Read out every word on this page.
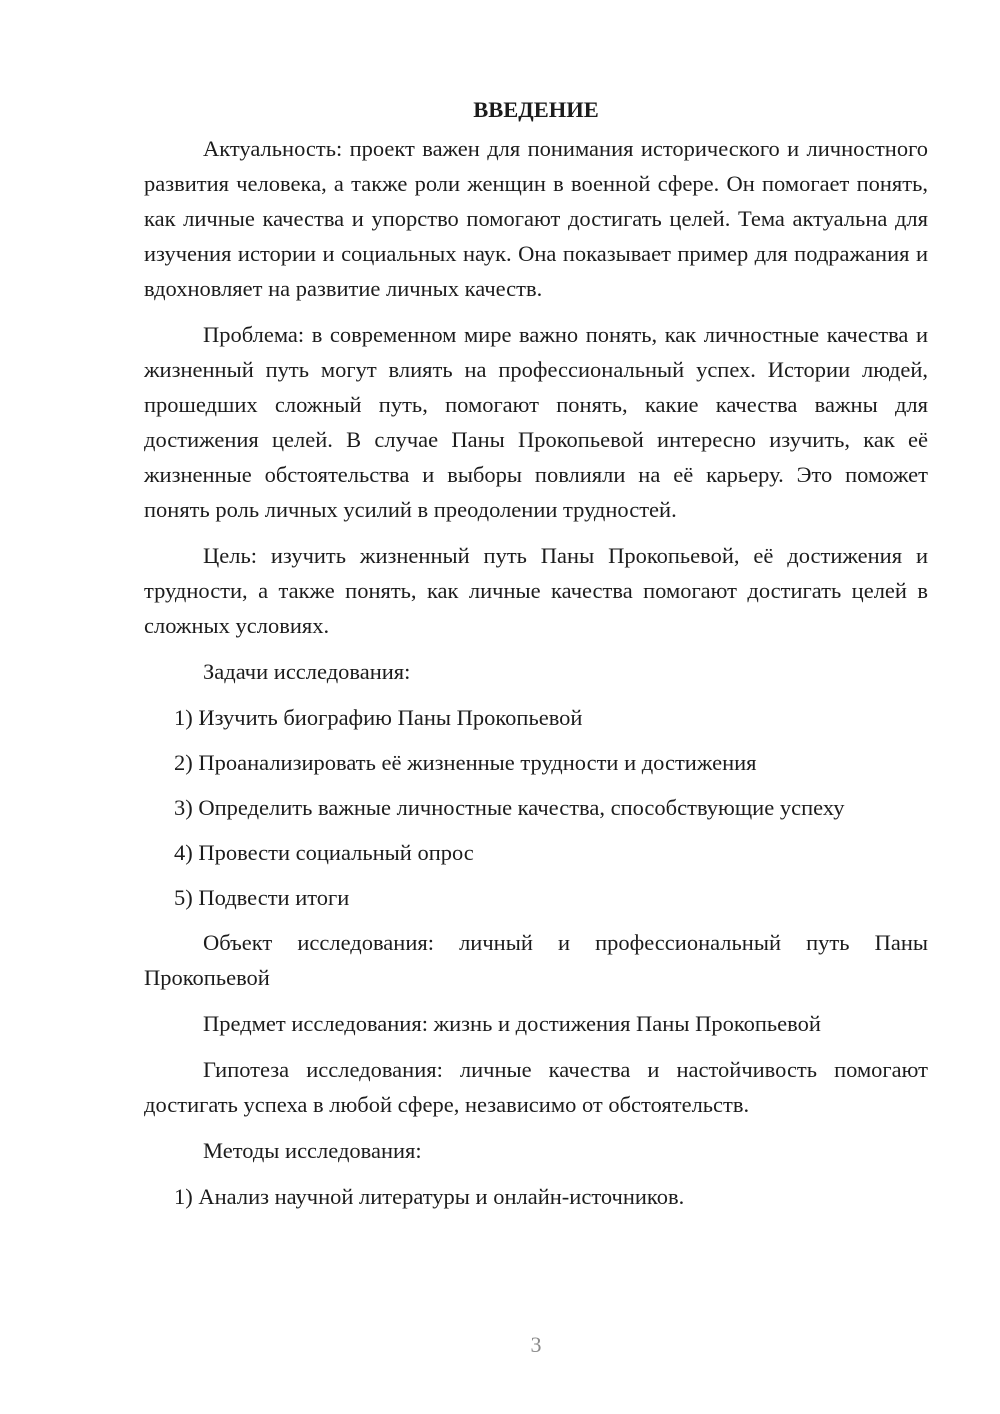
ВВЕДЕНИЕ

Актуальность: проект важен для понимания исторического и личностного развития человека, а также роли женщин в военной сфере. Он помогает понять, как личные качества и упорство помогают достигать целей. Тема актуальна для изучения истории и социальных наук. Она показывает пример для подражания и вдохновляет на развитие личных качеств.

Проблема: в современном мире важно понять, как личностные качества и жизненный путь могут влиять на профессиональный успех. Истории людей, прошедших сложный путь, помогают понять, какие качества важны для достижения целей. В случае Паны Прокопьевой интересно изучить, как её жизненные обстоятельства и выборы повлияли на её карьеру. Это поможет понять роль личных усилий в преодолении трудностей.

Цель: изучить жизненный путь Паны Прокопьевой, её достижения и трудности, а также понять, как личные качества помогают достигать целей в сложных условиях.

Задачи исследования:

1) Изучить биографию Паны Прокопьевой

2) Проанализировать её жизненные трудности и достижения

3) Определить важные личностные качества, способствующие успеху

4) Провести социальный опрос

5) Подвести итоги

Объект исследования: личный и профессиональный путь Паны Прокопьевой

Предмет исследования: жизнь и достижения Паны Прокопьевой

Гипотеза исследования: личные качества и настойчивость помогают достигать успеха в любой сфере, независимо от обстоятельств.

Методы исследования:

1) Анализ научной литературы и онлайн-источников.

3
